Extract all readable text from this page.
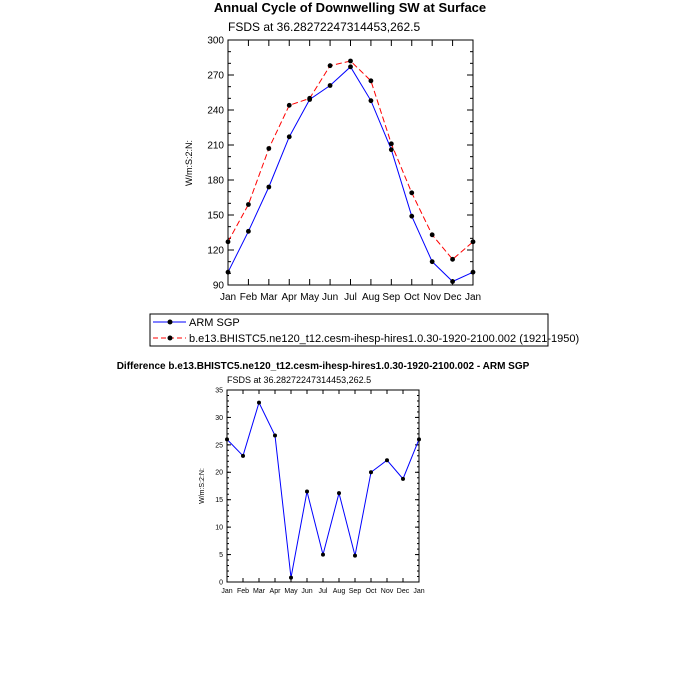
Annual Cycle of Downwelling SW at Surface
FSDS at 36.28272247314453,262.5
W/m:S:2:N:
90
120
150
180
210
240
270
300
Jan Feb Mar Apr May Jun Jul Aug Sep Oct Nov Dec Jan
ARM SGP
b.e13.BHISTC5.ne120_t12.cesm-ihesp-hires1.0.30-1920-2100.002 (1921-1950)
Difference b.e13.BHISTC5.ne120_t12.cesm-ihesp-hires1.0.30-1920-2100.002 - ARM SGP
FSDS at 36.28272247314453,262.5
W/m:S:2:N:
0
5
10
15
20
25
30
35
Jan Feb Mar Apr May Jun Jul Aug Sep Oct Nov Dec Jan
